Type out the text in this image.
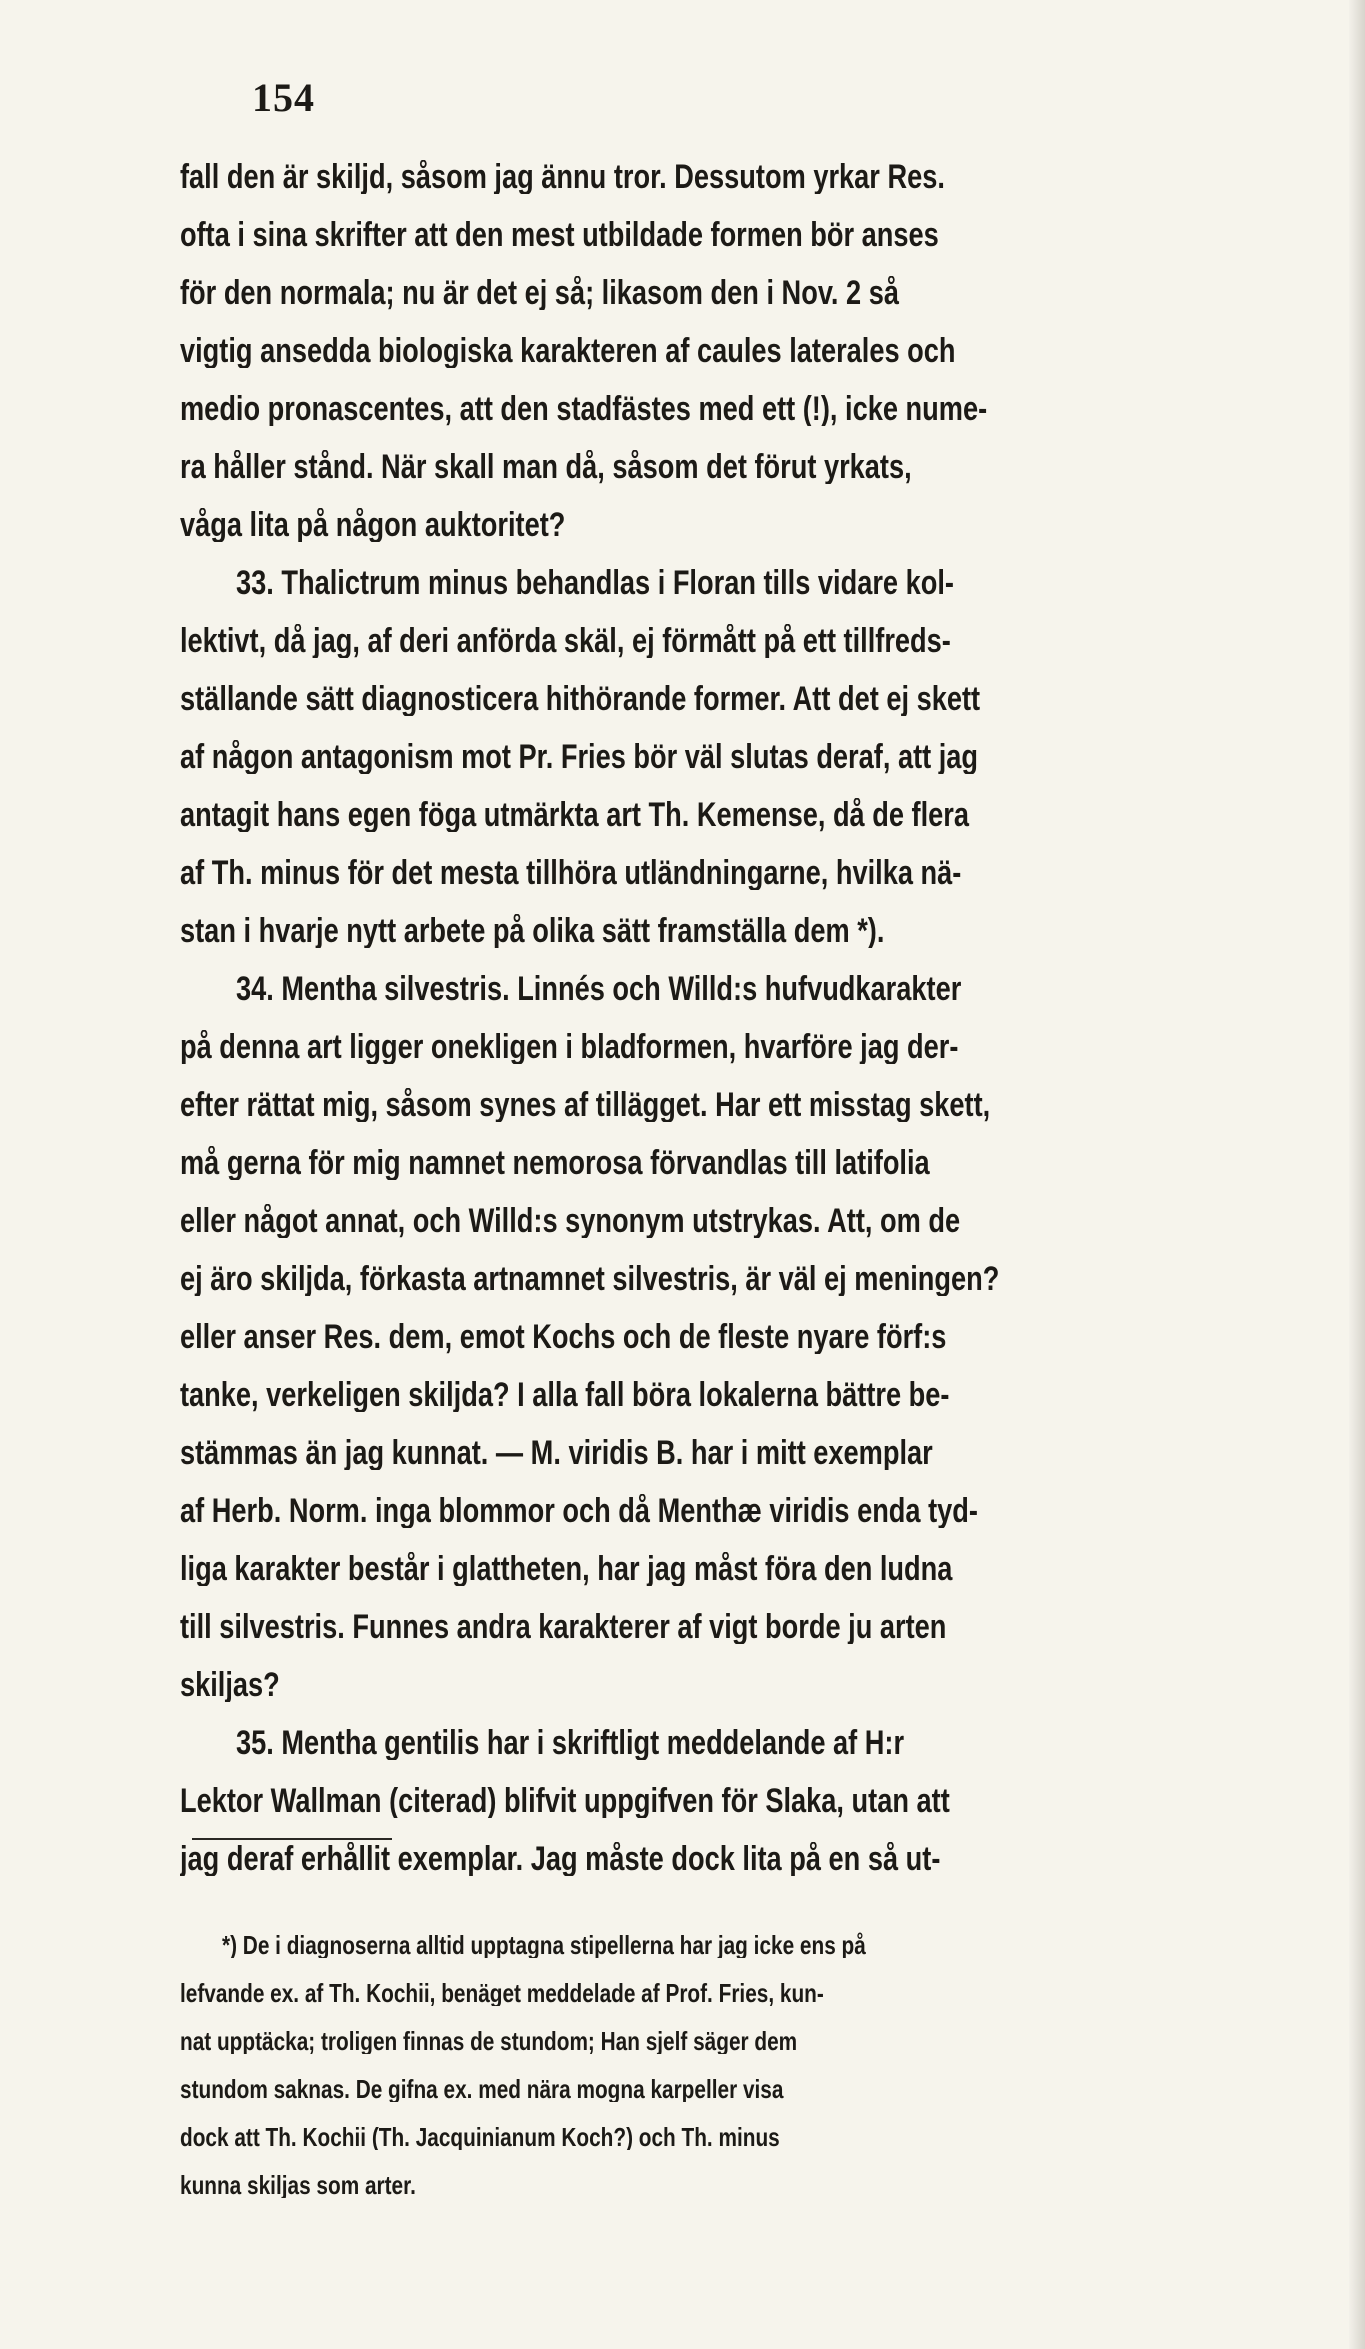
154
fall den är skiljd, såsom jag ännu tror. Dessutom yrkar Res.
ofta i sina skrifter att den mest utbildade formen bör anses
för den normala; nu är det ej så; likasom den i Nov. 2 så
vigtig ansedda biologiska karakteren af caules laterales och
medio pronascentes, att den stadfästes med ett (!), icke nume-
ra håller stånd. När skall man då, såsom det förut yrkats,
våga lita på någon auktoritet?
33. Thalictrum minus behandlas i Floran tills vidare kol-
lektivt, då jag, af deri anförda skäl, ej förmått på ett tillfreds-
ställande sätt diagnosticera hithörande former. Att det ej skett
af någon antagonism mot Pr. Fries bör väl slutas deraf, att jag
antagit hans egen föga utmärkta art Th. Kemense, då de flera
af Th. minus för det mesta tillhöra utländningarne, hvilka nä-
stan i hvarje nytt arbete på olika sätt framställa dem *).
34. Mentha silvestris. Linnés och Willd:s hufvudkarakter
på denna art ligger onekligen i bladformen, hvarföre jag der-
efter rättat mig, såsom synes af tillägget. Har ett misstag skett,
må gerna för mig namnet nemorosa förvandlas till latifolia
eller något annat, och Willd:s synonym utstrykas. Att, om de
ej äro skiljda, förkasta artnamnet silvestris, är väl ej meningen?
eller anser Res. dem, emot Kochs och de fleste nyare förf:s
tanke, verkeligen skiljda? I alla fall böra lokalerna bättre be-
stämmas än jag kunnat. — M. viridis B. har i mitt exemplar
af Herb. Norm. inga blommor och då Menthæ viridis enda tyd-
liga karakter består i glattheten, har jag måst föra den ludna
till silvestris. Funnes andra karakterer af vigt borde ju arten
skiljas?
35. Mentha gentilis har i skriftligt meddelande af H:r
Lektor Wallman (citerad) blifvit uppgifven för Slaka, utan att
jag deraf erhållit exemplar. Jag måste dock lita på en så ut-
*) De i diagnoserna alltid upptagna stipellerna har jag icke ens på
lefvande ex. af Th. Kochii, benäget meddelade af Prof. Fries, kun-
nat upptäcka; troligen finnas de stundom; Han sjelf säger dem
stundom saknas. De gifna ex. med nära mogna karpeller visa
dock att Th. Kochii (Th. Jacquinianum Koch?) och Th. minus
kunna skiljas som arter.
